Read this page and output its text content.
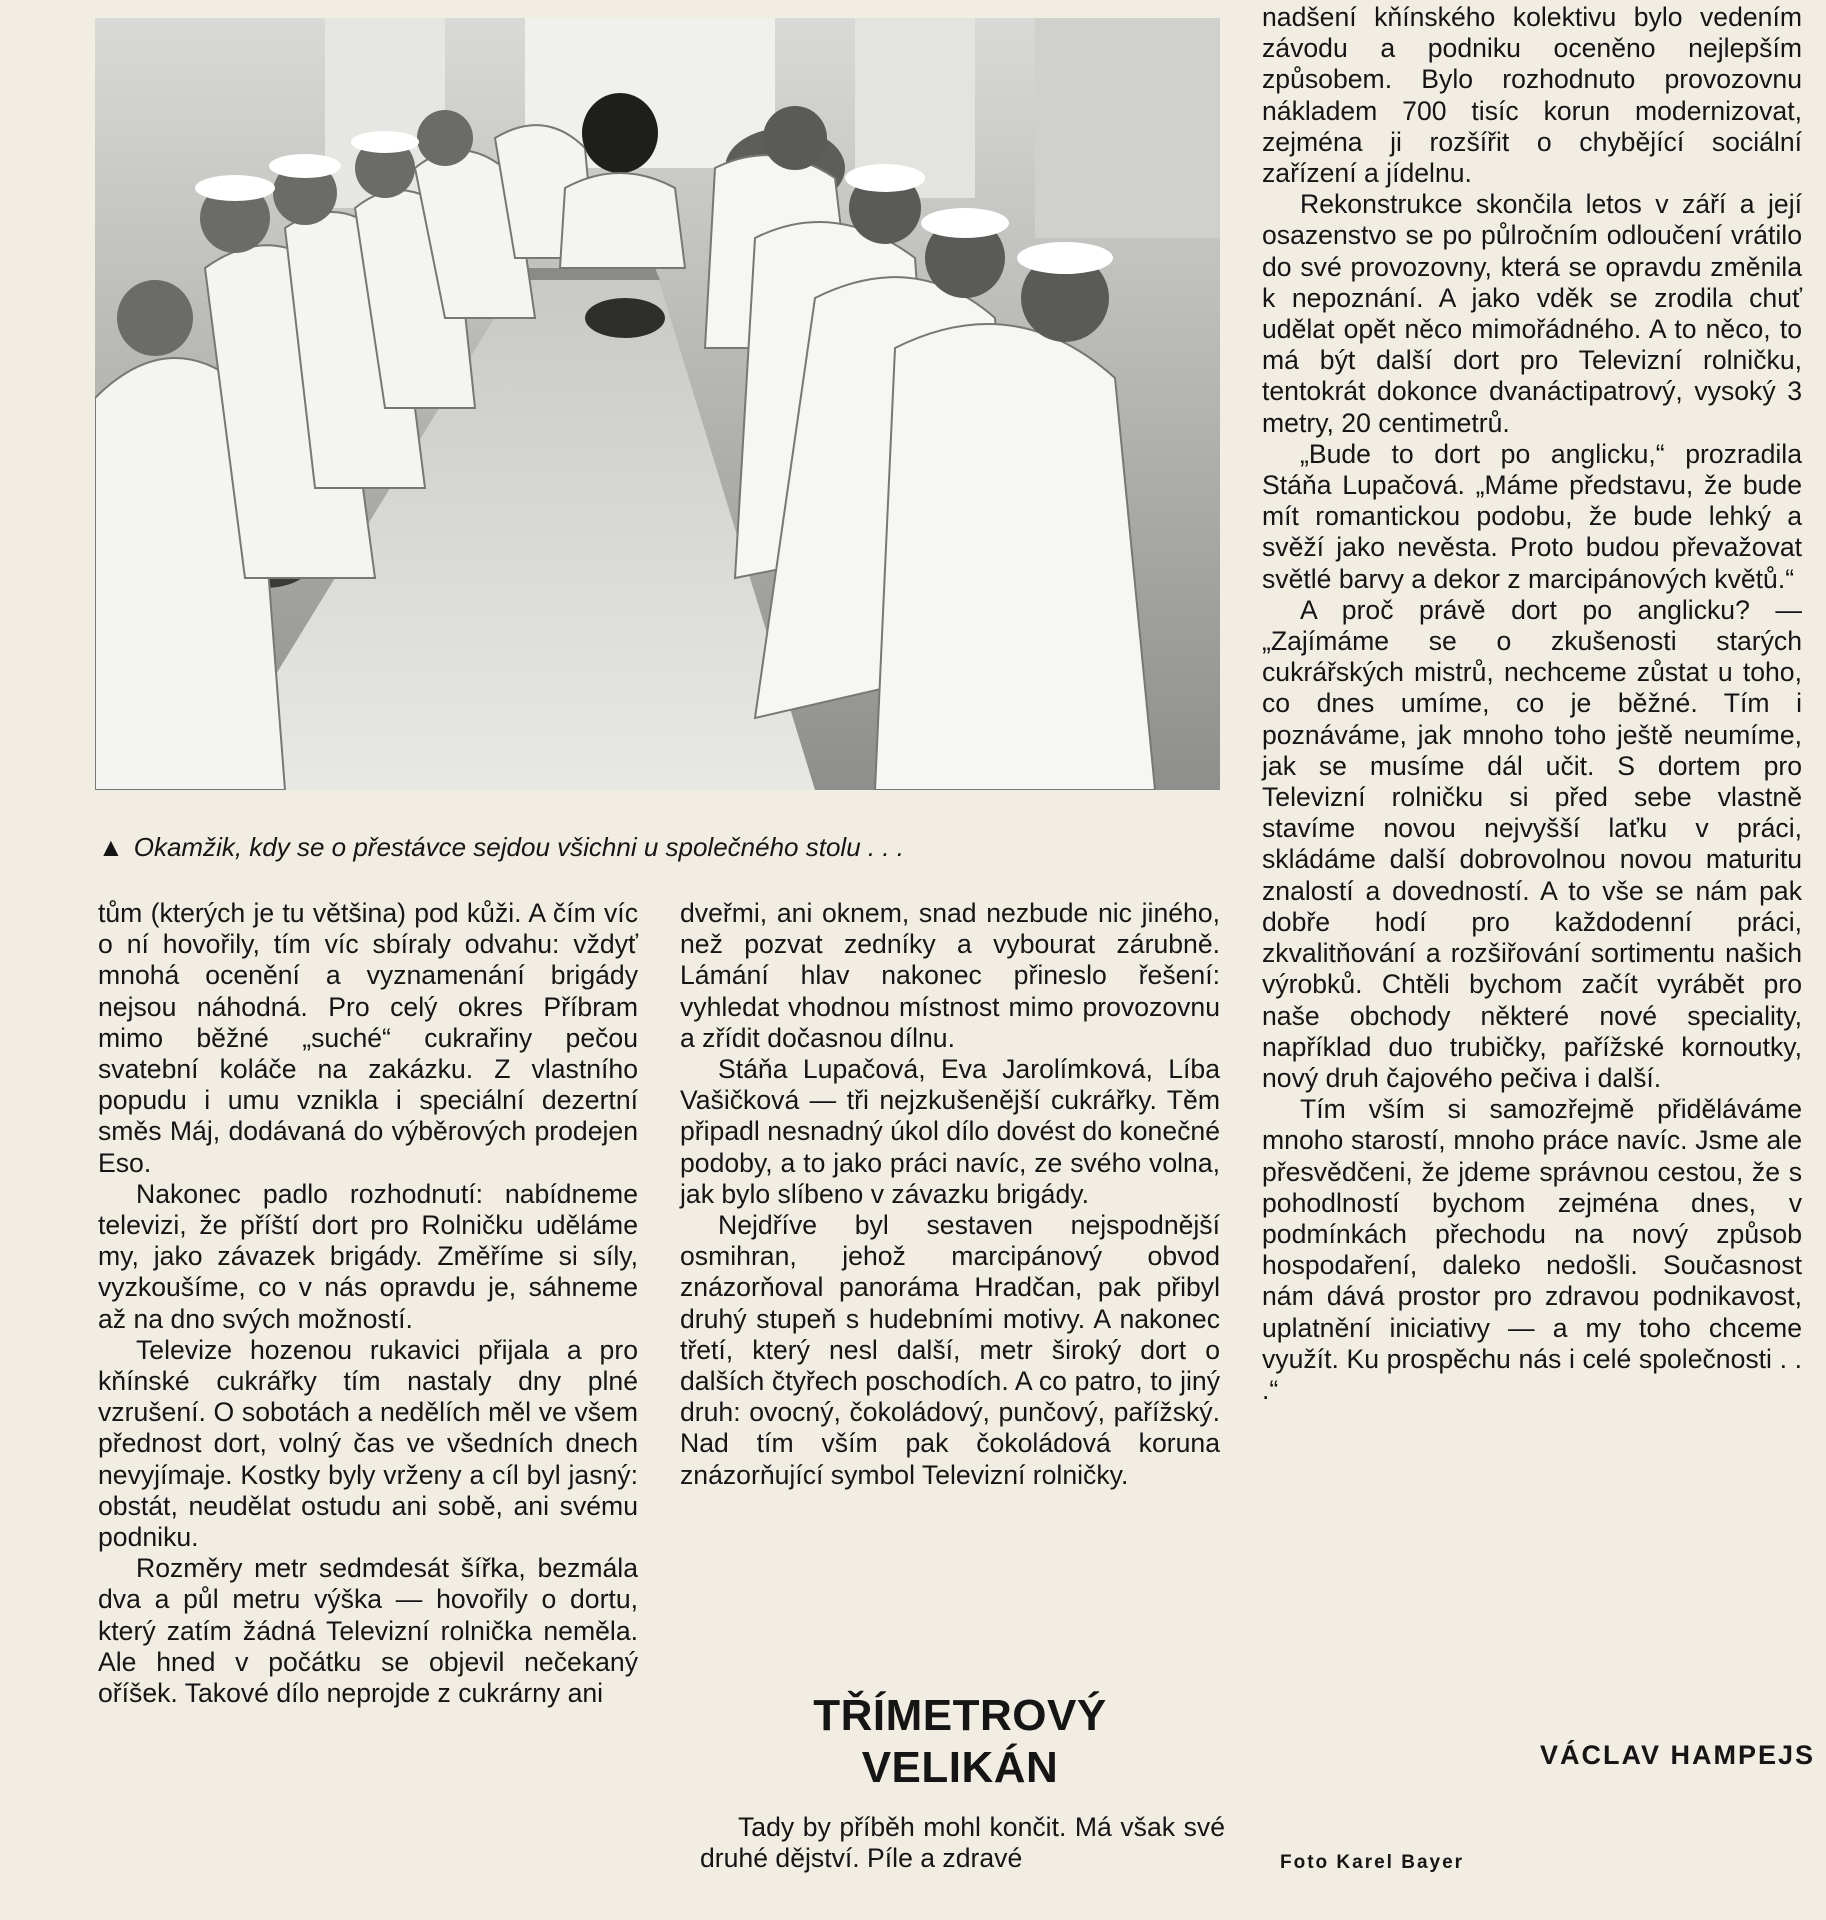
▲ Okamžik, kdy se o přestávce sejdou všichni u společného stolu . . .

tům (kterých je tu většina) pod kůži. A čím víc o ní hovořily, tím víc sbíraly odvahu: vždyť mnohá ocenění a vyznamenání brigády nejsou náhodná. Pro celý okres Příbram mimo běžné „suché“ cukrařiny pečou svatební koláče na zakázku. Z vlastního popudu i umu vznikla i speciální dezertní směs Máj, dodávaná do výběrových prodejen Eso.

Nakonec padlo rozhodnutí: nabídneme televizi, že příští dort pro Rolničku uděláme my, jako závazek brigády. Změříme si síly, vyzkoušíme, co v nás opravdu je, sáhneme až na dno svých možností.

Televize hozenou rukavici přijala a pro kňínské cukrářky tím nastaly dny plné vzrušení. O sobotách a nedělích měl ve všem přednost dort, volný čas ve všedních dnech nevyjímaje. Kostky byly vrženy a cíl byl jasný: obstát, neudělat ostudu ani sobě, ani svému podniku.

Rozměry metr sedmdesát šířka, bezmála dva a půl metru výška — hovořily o dortu, který zatím žádná Televizní rolnička neměla. Ale hned v počátku se objevil nečekaný oříšek. Takové dílo neprojde z cukrárny ani

dveřmi, ani oknem, snad nezbude nic jiného, než pozvat zedníky a vybourat zárubně. Lámání hlav nakonec přineslo řešení: vyhledat vhodnou místnost mimo provozovnu a zřídit dočasnou dílnu.

Stáňa Lupačová, Eva Jarolímková, Líba Vašičková — tři nejzkušenější cukrářky. Těm připadl nesnadný úkol dílo dovést do konečné podoby, a to jako práci navíc, ze svého volna, jak bylo slíbeno v závazku brigády.

Nejdříve byl sestaven nejspodnější osmihran, jehož marcipánový obvod znázorňoval panoráma Hradčan, pak přibyl druhý stupeň s hudebními motivy. A nakonec třetí, který nesl další, metr široký dort o dalších čtyřech poschodích. A co patro, to jiný druh: ovocný, čokoládový, punčový, pařížský. Nad tím vším pak čokoládová koruna znázorňující symbol Televizní rolničky.

TŘÍMETROVÝ
VELIKÁN

Tady by příběh mohl končit. Má však své druhé dějství. Píle a zdravé

nadšení kňínského kolektivu bylo vedením závodu a podniku oceněno nejlepším způsobem. Bylo rozhodnuto provozovnu nákladem 700 tisíc korun modernizovat, zejména ji rozšířit o chybějící sociální zařízení a jídelnu.

Rekonstrukce skončila letos v září a její osazenstvo se po půlročním odloučení vrátilo do své provozovny, která se opravdu změnila k nepoznání. A jako vděk se zrodila chuť udělat opět něco mimořádného. A to něco, to má být další dort pro Televizní rolničku, tentokrát dokonce dvanáctipatrový, vysoký 3 metry, 20 centimetrů.

„Bude to dort po anglicku,“ prozradila Stáňa Lupačová. „Máme představu, že bude mít romantickou podobu, že bude lehký a svěží jako nevěsta. Proto budou převažovat světlé barvy a dekor z marcipánových květů.“

A proč právě dort po anglicku? — „Zajímáme se o zkušenosti starých cukrářských mistrů, nechceme zůstat u toho, co dnes umíme, co je běžné. Tím i poznáváme, jak mnoho toho ještě neumíme, jak se musíme dál učit. S dortem pro Televizní rolničku si před sebe vlastně stavíme novou nejvyšší laťku v práci, skládáme další dobrovolnou novou maturitu znalostí a dovedností. A to vše se nám pak dobře hodí pro každodenní práci, zkvalitňování a rozšiřování sortimentu našich výrobků. Chtěli bychom začít vyrábět pro naše obchody některé nové speciality, například duo trubičky, pařížské kornoutky, nový druh čajového pečiva i další.

Tím vším si samozřejmě přiděláváme mnoho starostí, mnoho práce navíc. Jsme ale přesvědčeni, že jdeme správnou cestou, že s pohodlností bychom zejména dnes, v podmínkách přechodu na nový způsob hospodaření, daleko nedošli. Současnost nám dává prostor pro zdravou podnikavost, uplatnění iniciativy — a my toho chceme využít. Ku prospěchu nás i celé společnosti . . .“

VÁCLAV HAMPEJS
Foto Karel Bayer
